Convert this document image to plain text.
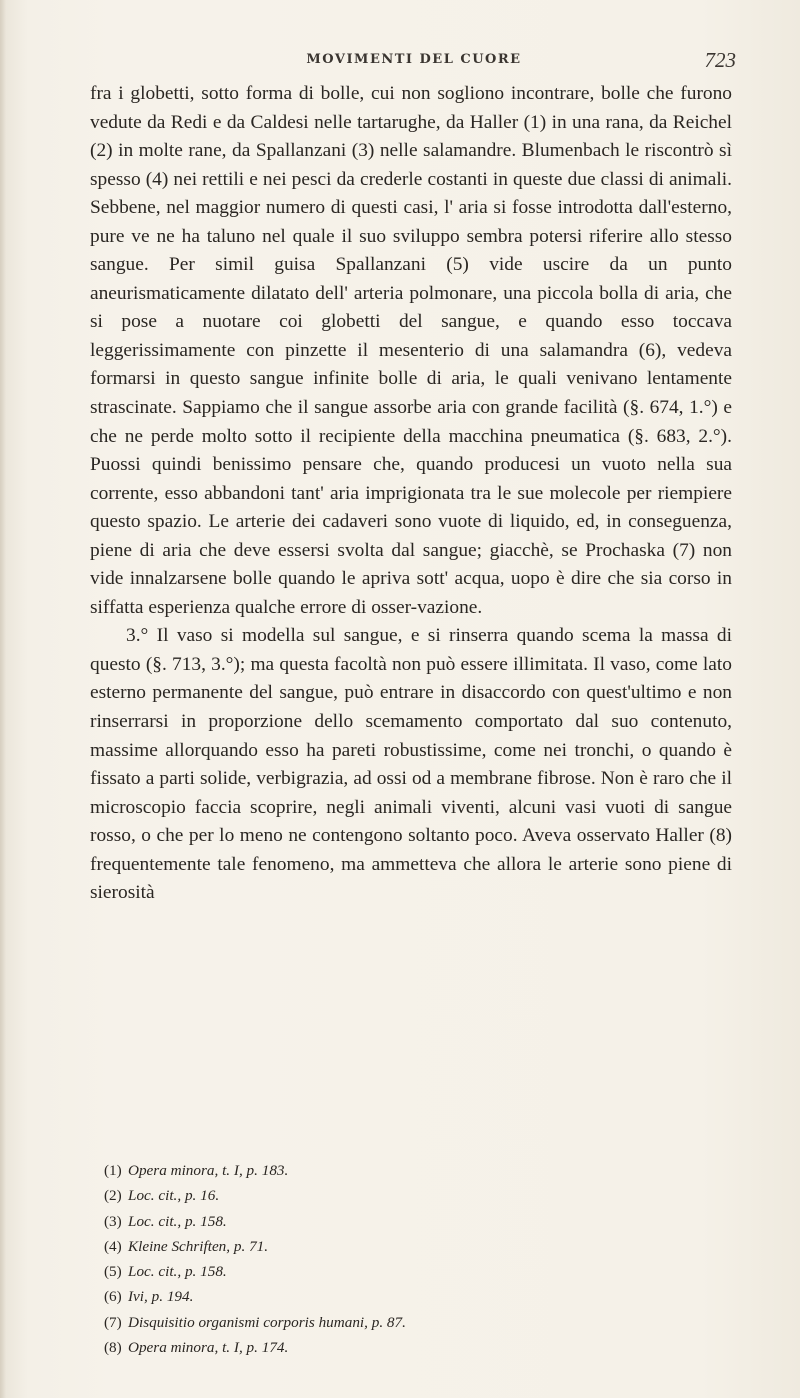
MOVIMENTI DEL CUORE	723

fra i globetti, sotto forma di bolle, cui non sogliono incontrare, bolle che furono vedute da Redi e da Caldesi nelle tartarughe, da Haller (1) in una rana, da Reichel (2) in molte rane, da Spallanzani (3) nelle salamandre. Blumenbach le riscontrò sì spesso (4) nei rettili e nei pesci da crederle costanti in queste due classi di animali. Sebbene, nel maggior numero di questi casi, l' aria si fosse introdotta dall'esterno, pure ve ne ha taluno nel quale il suo sviluppo sembra potersi riferire allo stesso sangue. Per simil guisa Spallanzani (5) vide uscire da un punto aneurismaticamente dilatato dell' arteria polmonare, una piccola bolla di aria, che si pose a nuotare coi globetti del sangue, e quando esso toccava leggerissimamente con pinzette il mesenterio di una salamandra (6), vedeva formarsi in questo sangue infinite bolle di aria, le quali venivano lentamente strascinate. Sappiamo che il sangue assorbe aria con grande facilità (§. 674, 1.°) e che ne perde molto sotto il recipiente della macchina pneumatica (§. 683, 2.°). Puossi quindi benissimo pensare che, quando producesi un vuoto nella sua corrente, esso abbandoni tant' aria imprigionata tra le sue molecole per riempiere questo spazio. Le arterie dei cadaveri sono vuote di liquido, ed, in conseguenza, piene di aria che deve essersi svolta dal sangue; giacchè, se Prochaska (7) non vide innalzarsene bolle quando le apriva sott' acqua, uopo è dire che sia corso in siffatta esperienza qualche errore di osser-vazione.

3.° Il vaso si modella sul sangue, e si rinserra quando scema la massa di questo (§. 713, 3.°); ma questa facoltà non può essere illimitata. Il vaso, come lato esterno permanente del sangue, può entrare in disaccordo con quest'ultimo e non rinserrarsi in proporzione dello scemamento comportato dal suo contenuto, massime allorquando esso ha pareti robustissime, come nei tronchi, o quando è fissato a parti solide, verbigrazia, ad ossi od a membrane fibrose. Non è raro che il microscopio faccia scoprire, negli animali viventi, alcuni vasi vuoti di sangue rosso, o che per lo meno ne contengono soltanto poco. Aveva osservato Haller (8) frequentemente tale fenomeno, ma ammetteva che allora le arterie sono piene di sierosità

(1) Opera minora, t. I, p. 183.
(2) Loc. cit., p. 16.
(3) Loc. cit., p. 158.
(4) Kleine Schriften, p. 71.
(5) Loc. cit., p. 158.
(6) Ivi, p. 194.
(7) Disquisitio organismi corporis humani, p. 87.
(8) Opera minora, t. I, p. 174.
